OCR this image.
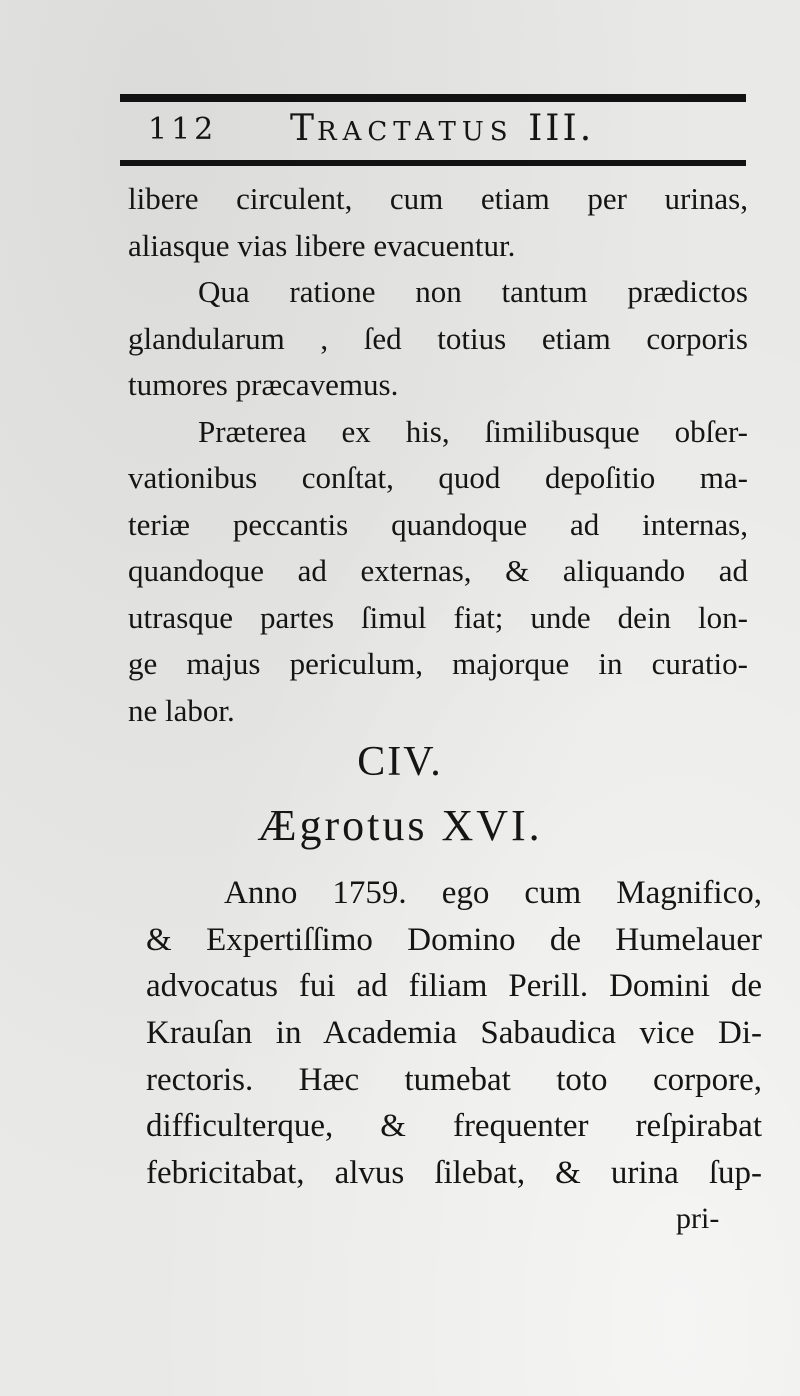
112 TRACTATUS III.
libere circulent, cum etiam per urinas,
aliasque vias libere evacuentur.
Qua ratione non tantum prædictos
glandularum , ſed totius etiam corporis
tumores præcavemus.
Præterea ex his, ſimilibusque obſer-
vationibus conſtat, quod depoſitio ma-
teriæ peccantis quandoque ad internas,
quandoque ad externas, & aliquando ad
utrasque partes ſimul fiat; unde dein lon-
ge majus periculum, majorque in curatio-
ne labor.
CIV.
Ægrotus XVI.
Anno 1759. ego cum Magnifico,
& Expertiſſimo Domino de Humelauer
advocatus fui ad filiam Perill. Domini de
Krauſan in Academia Sabaudica vice Di-
rectoris. Hæc tumebat toto corpore,
difficulterque, & frequenter reſpirabat
febricitabat, alvus ſilebat, & urina ſup-
pri-
